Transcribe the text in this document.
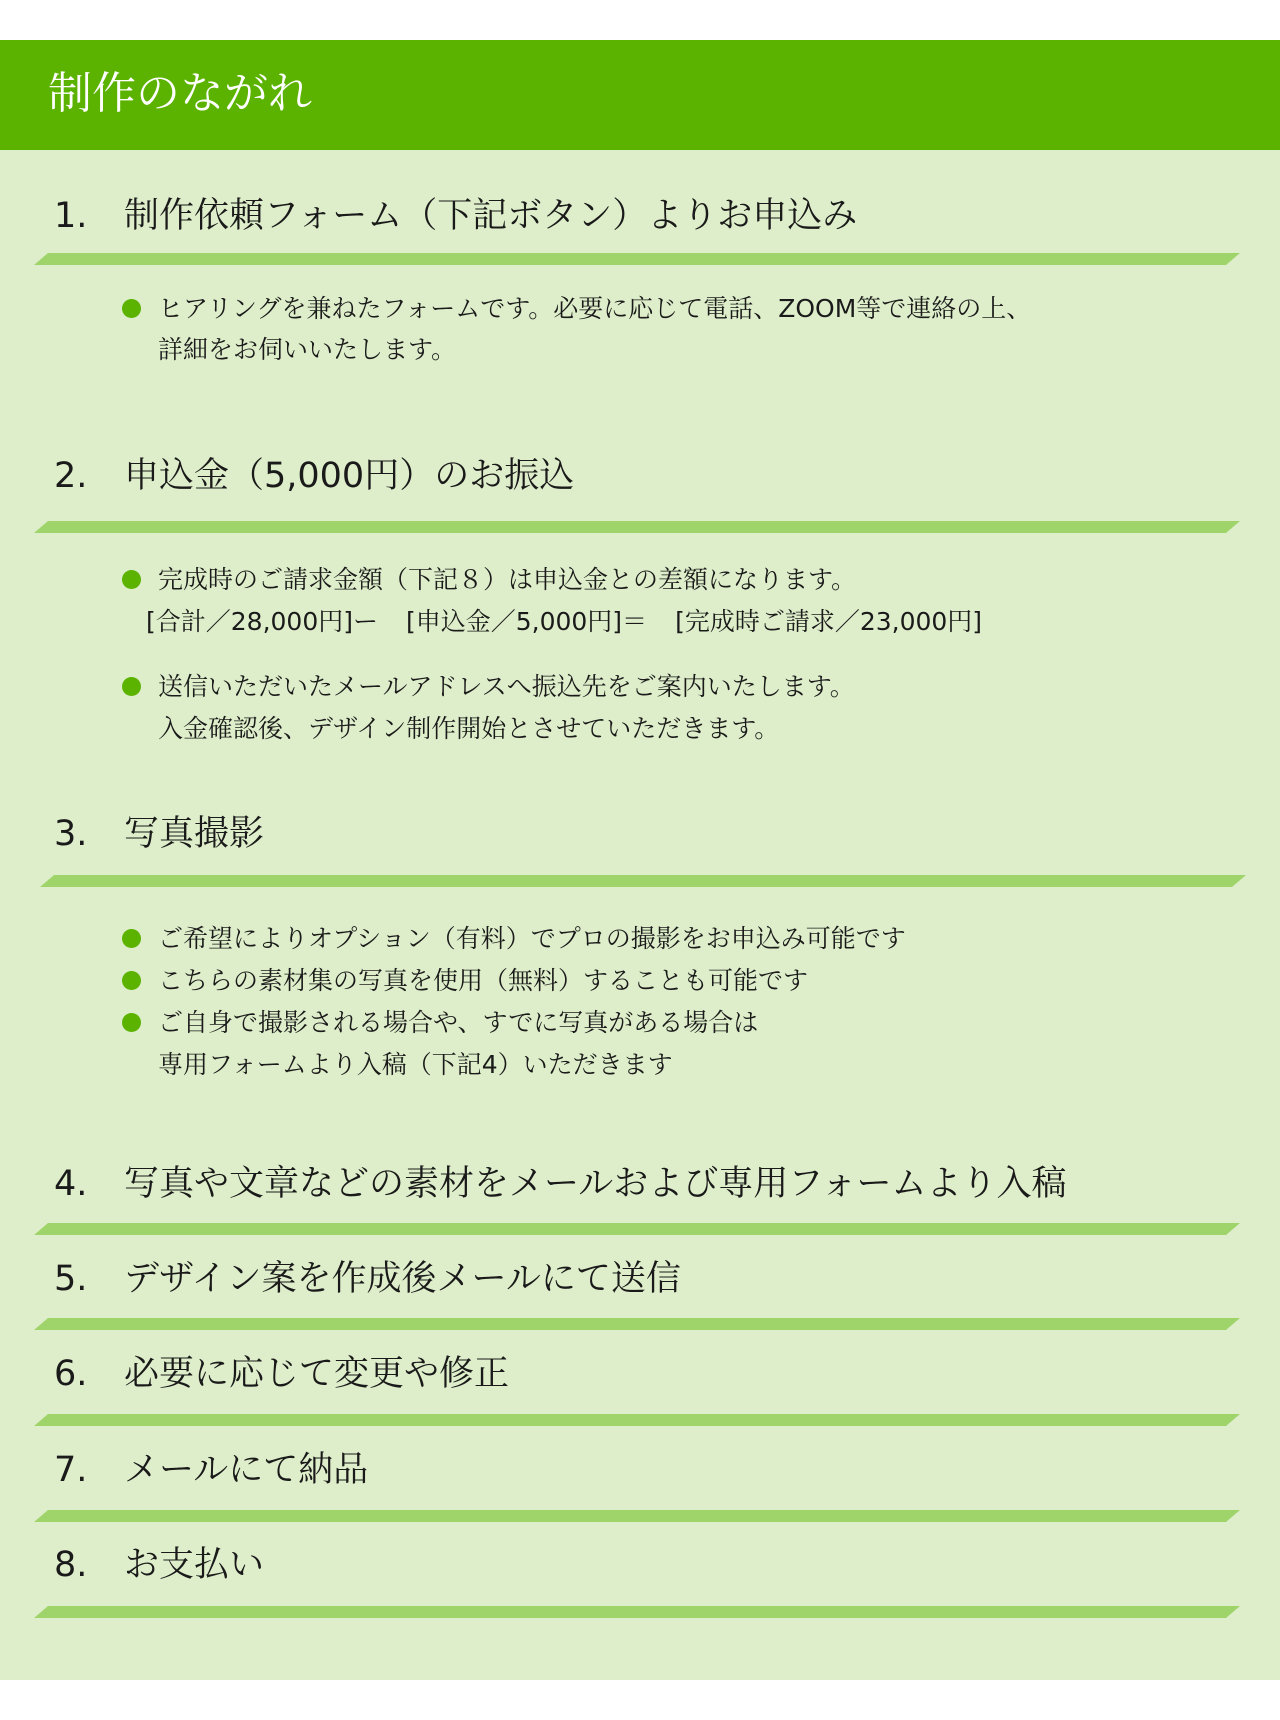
制作のながれ
1. 制作依頼フォーム（下記ボタン）よりお申込み
ヒアリングを兼ねたフォームです。必要に応じて電話、ZOOM等で連絡の上、
詳細をお伺いいたします。
2. 申込金（5,000円）のお振込
完成時のご請求金額（下記８）は申込金との差額になります。
[合計／28,000円]ー [申込金／5,000円]＝ [完成時ご請求／23,000円]
送信いただいたメールアドレスへ振込先をご案内いたします。
入金確認後、デザイン制作開始とさせていただきます。
3. 写真撮影
ご希望によりオプション（有料）でプロの撮影をお申込み可能です
こちらの素材集の写真を使用（無料）することも可能です
ご自身で撮影される場合や、すでに写真がある場合は
専用フォームより入稿（下記4）いただきます
4. 写真や文章などの素材をメールおよび専用フォームより入稿
5. デザイン案を作成後メールにて送信
6. 必要に応じて変更や修正
7. メールにて納品
8. お支払い
